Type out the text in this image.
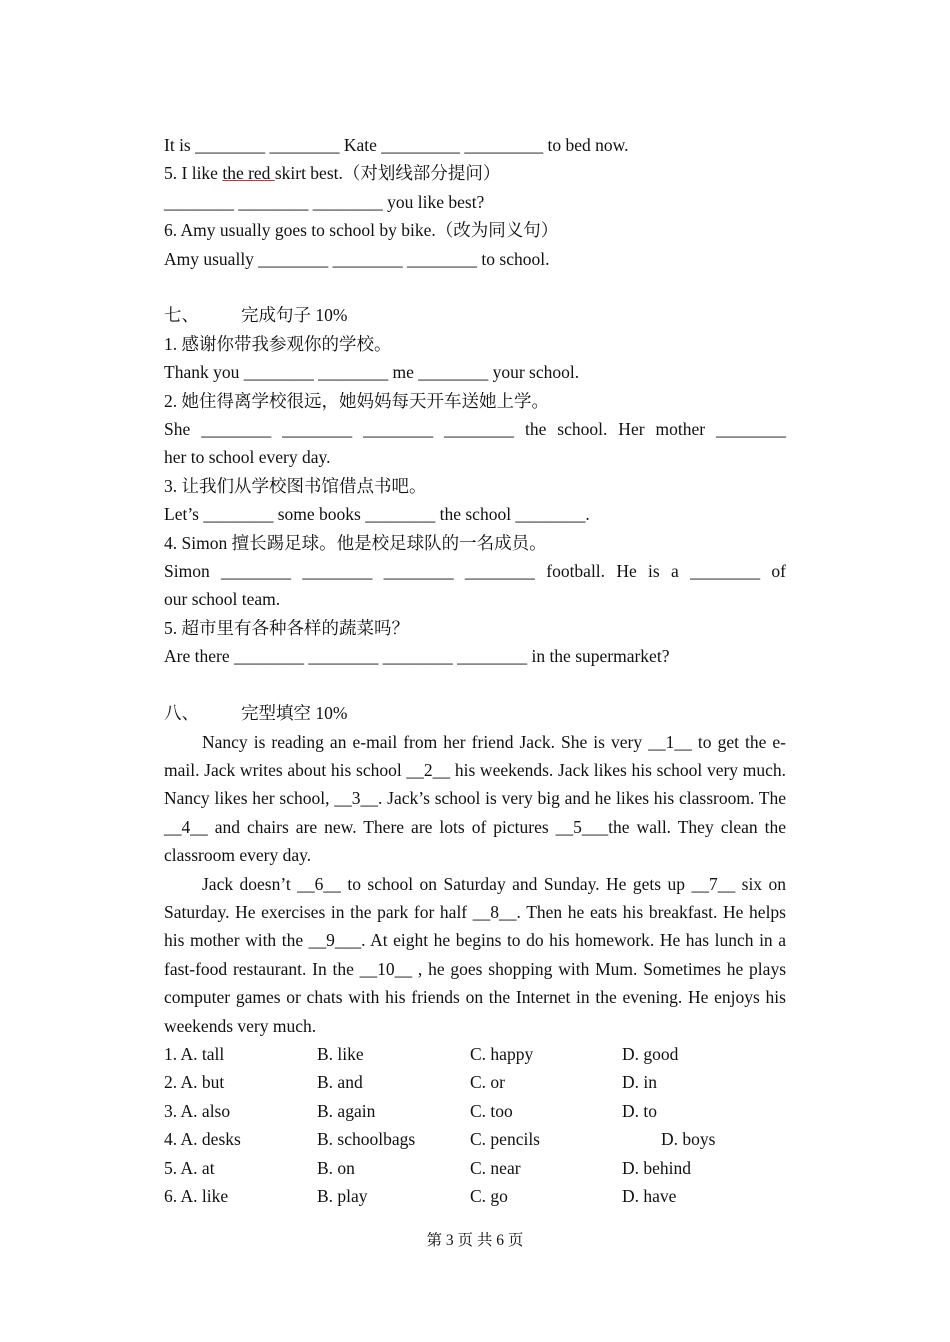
It is ________ ________ Kate _________ _________ to bed now.
5. I like the red skirt best.（对划线部分提问）
________ ________ ________ you like best?
6. Amy usually goes to school by bike.（改为同义句）
Amy usually ________ ________ ________ to school.
七、 完成句子 10%
1. 感谢你带我参观你的学校。
Thank you ________ ________ me ________ your school.
2. 她住得离学校很远，她妈妈每天开车送她上学。
She ________ ________ ________ ________ the school. Her mother ________
her to school every day.
3. 让我们从学校图书馆借点书吧。
Let’s ________ some books ________ the school ________.
4. Simon 擅长踢足球。他是校足球队的一名成员。
Simon ________ ________ ________ ________ football. He is a ________ of
our school team.
5. 超市里有各种各样的蔬菜吗？
Are there ________ ________ ________ ________ in the supermarket?
八、 完型填空 10%

Nancy is reading an e-mail from her friend Jack. She is very __1__ to get the e-mail. Jack writes about his school __2__ his weekends. Jack likes his school very much. Nancy likes her school, __3__. Jack’s school is very big and he likes his classroom. The __4__ and chairs are new. There are lots of pictures __5___the wall. They clean the classroom every day.

Jack doesn’t __6__ to school on Saturday and Sunday. He gets up __7__ six on Saturday. He exercises in the park for half __8__. Then he eats his breakfast. He helps his mother with the __9___. At eight he begins to do his homework. He has lunch in a fast-food restaurant. In the __10__ , he goes shopping with Mum. Sometimes he plays computer games or chats with his friends on the Internet in the evening. He enjoys his weekends very much.

1. A. tall	B. like	C. happy	D. good
2. A. but	B. and	C. or	D. in
3. A. also	B. again	C. too	D. to
4. A. desks	B. schoolbags	C. pencils	D. boys
5. A. at	B. on	C. near	D. behind
6. A. like	B. play	C. go	D. have
第 3 页 共 6 页
